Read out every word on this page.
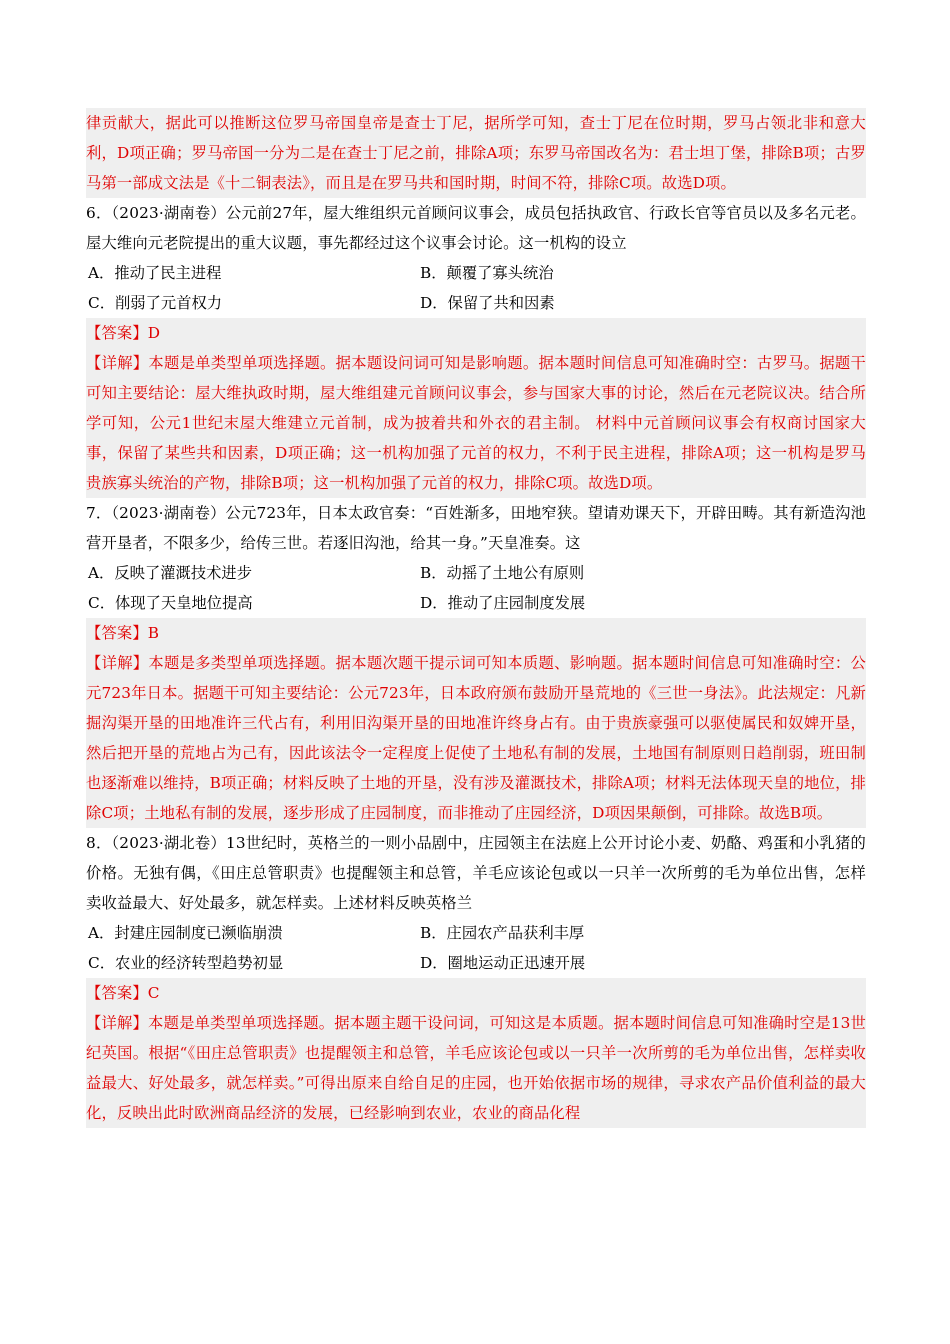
律贡献大，据此可以推断这位罗马帝国皇帝是查士丁尼，据所学可知，查士丁尼在位时期，罗马占领北非和意大利，D项正确；罗马帝国一分为二是在查士丁尼之前，排除A项；东罗马帝国改名为：君士坦丁堡，排除B项；古罗马第一部成文法是《十二铜表法》，而且是在罗马共和国时期，时间不符，排除C项。故选D项。

6．（2023·湖南卷）公元前27年，屋大维组织元首顾问议事会，成员包括执政官、行政长官等官员以及多名元老。屋大维向元老院提出的重大议题，事先都经过这个议事会讨论。这一机构的设立

A．推动了民主进程	B．颠覆了寡头统治
C．削弱了元首权力	D．保留了共和因素

【答案】D

【详解】本题是单类型单项选择题。据本题设问词可知是影响题。据本题时间信息可知准确时空：古罗马。据题干可知主要结论：屋大维执政时期，屋大维组建元首顾问议事会，参与国家大事的讨论，然后在元老院议决。结合所学可知，公元1世纪末屋大维建立元首制，成为披着共和外衣的君主制。 材料中元首顾问议事会有权商讨国家大事，保留了某些共和因素，D项正确；这一机构加强了元首的权力，不利于民主进程，排除A项；这一机构是罗马贵族寡头统治的产物，排除B项；这一机构加强了元首的权力，排除C项。故选D项。

7．（2023·湖南卷）公元723年，日本太政官奏：“百姓渐多，田地窄狭。望请劝课天下，开辟田畴。其有新造沟池营开垦者，不限多少，给传三世。若逐旧沟池，给其一身。”天皇准奏。这

A．反映了灌溉技术进步	B．动摇了土地公有原则
C．体现了天皇地位提高	D．推动了庄园制度发展

【答案】B

【详解】本题是多类型单项选择题。据本题次题干提示词可知本质题、影响题。据本题时间信息可知准确时空：公元723年日本。据题干可知主要结论：公元723年，日本政府颁布鼓励开垦荒地的《三世一身法》。此法规定：凡新掘沟渠开垦的田地准许三代占有，利用旧沟渠开垦的田地准许终身占有。由于贵族豪强可以驱使属民和奴婢开垦，然后把开垦的荒地占为己有，因此该法令一定程度上促使了土地私有制的发展，土地国有制原则日趋削弱，班田制也逐渐难以维持，B项正确；材料反映了土地的开垦，没有涉及灌溉技术，排除A项；材料无法体现天皇的地位，排除C项；土地私有制的发展，逐步形成了庄园制度，而非推动了庄园经济，D项因果颠倒，可排除。故选B项。

8．（2023·湖北卷）13世纪时，英格兰的一则小品剧中，庄园领主在法庭上公开讨论小麦、奶酪、鸡蛋和小乳猪的价格。无独有偶，《田庄总管职责》也提醒领主和总管，羊毛应该论包或以一只羊一次所剪的毛为单位出售，怎样卖收益最大、好处最多，就怎样卖。上述材料反映英格兰

A．封建庄园制度已濒临崩溃	B．庄园农产品获利丰厚
C．农业的经济转型趋势初显	D．圈地运动正迅速开展

【答案】C

【详解】本题是单类型单项选择题。据本题主题干设问词，可知这是本质题。据本题时间信息可知准确时空是13世纪英国。根据“《田庄总管职责》也提醒领主和总管，羊毛应该论包或以一只羊一次所剪的毛为单位出售，怎样卖收益最大、好处最多，就怎样卖。”可得出原来自给自足的庄园，也开始依据市场的规律，寻求农产品价值利益的最大化，反映出此时欧洲商品经济的发展，已经影响到农业，农业的商品化程
